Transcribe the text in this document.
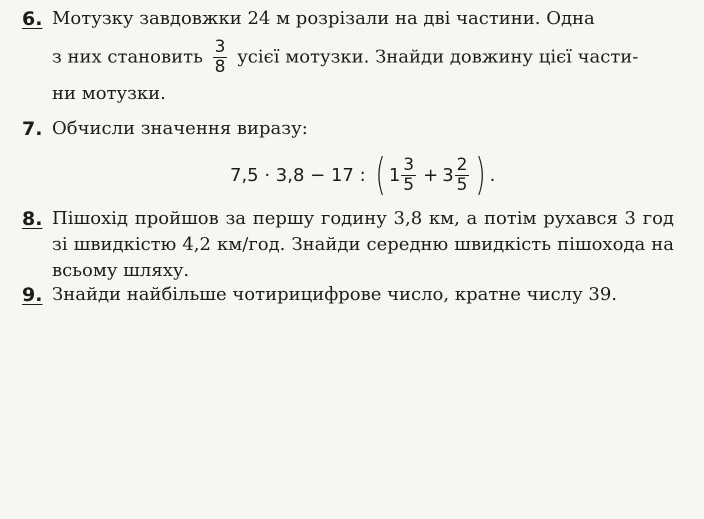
6. Мотузку завдовжки 24 м розрізали на дві частини. Одна
з них становить $\frac{3}{8}$ усієї мотузки. Знайди довжину цієї части-
ни мотузки.
7. Обчисли значення виразу:
7,5 · 3,8 − 17 : ( $1 \frac{3}{5} + 3 \frac{2}{5}$ ) .
8. Пішохід пройшов за першу годину 3,8 км, а потім рухався 3 год зі швидкістю 4,2 км/год. Знайди середню швидкість пішохода на всьому шляху.
9. Знайди найбільше чотирицифрове число, кратне числу 39.
